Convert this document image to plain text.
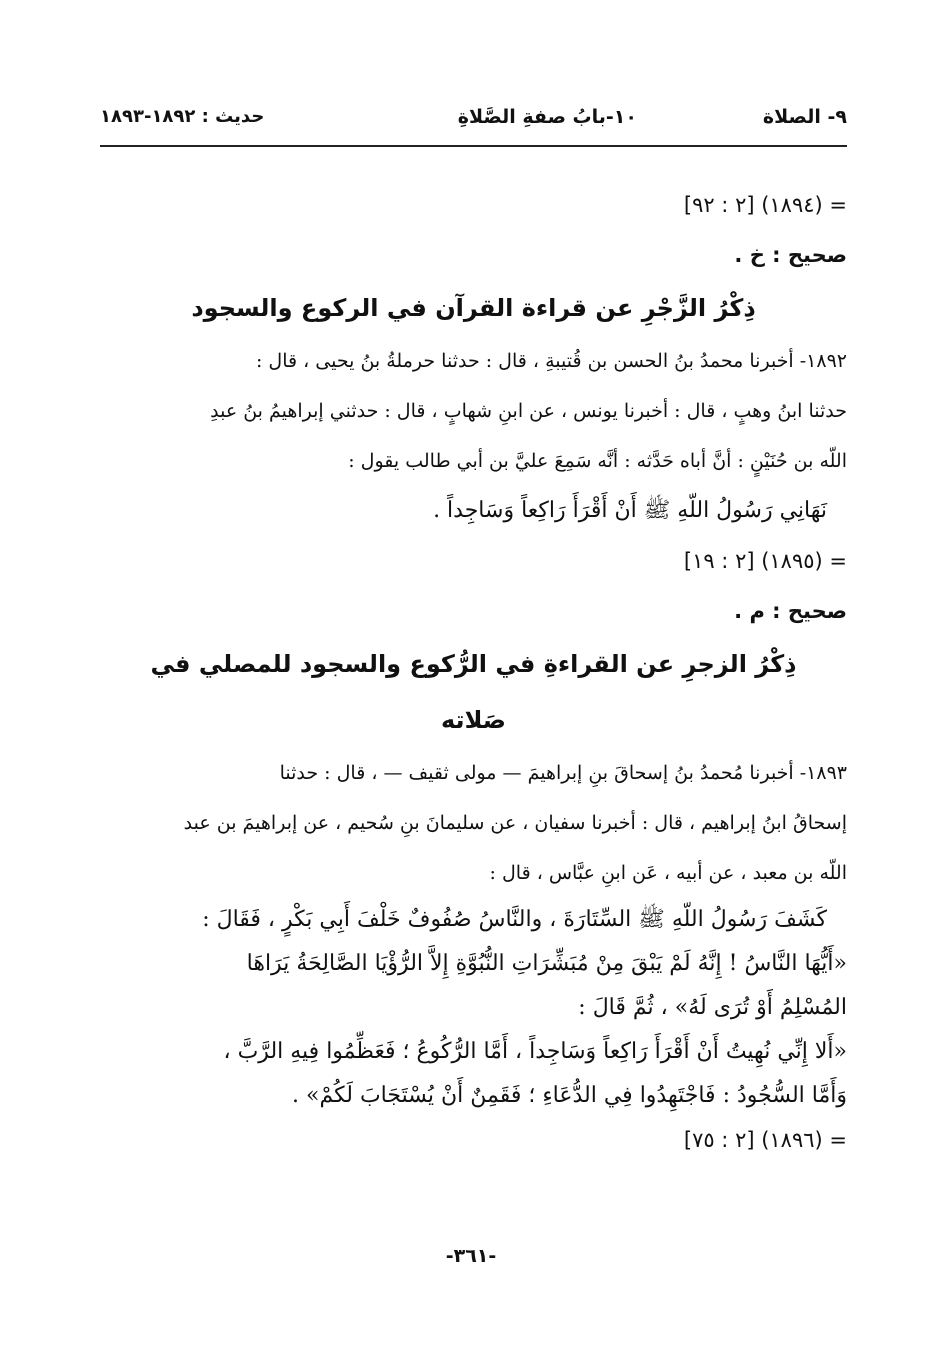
٩- الصلاة
١٠-بابُ صفةِ الصَّلاةِ
حديث : ١٨٩٢-١٨٩٣
= (١٨٩٤) [٢ : ٩٢]
صحيح : خ .
ذِكْرُ الزَّجْرِ عن قراءة القرآن في الركوع والسجود
١٨٩٢- أخبرنا محمدُ بنُ الحسن بن قُتيبةِ ، قال : حدثنا حرملةُ بنُ يحيى ، قال :
حدثنا ابنُ وهبٍ ، قال : أخبرنا يونس ، عن ابنِ شهابٍ ، قال : حدثني إبراهيمُ بنُ عبدِ
اللّه بن حُنَيْنٍ : أنَّ أباه حَدَّثه : أنَّه سَمِعَ عليَّ بن أبي طالب يقول :
نَهَانِي رَسُولُ اللّهِ ﷺ أَنْ أَقْرَأَ رَاكِعاً وَسَاجِداً .
= (١٨٩٥) [٢ : ١٩]
صحيح : م .
ذِكْرُ الزجرِ عن القراءةِ في الرُّكوع والسجود للمصلي في
صَلاته
١٨٩٣- أخبرنا مُحمدُ بنُ إسحاقَ بنِ إبراهيمَ — مولى ثقيف — ، قال : حدثنا
إسحاقُ ابنُ إبراهيم ، قال : أخبرنا سفيان ، عن سليمانَ بنِ سُحيم ، عن إبراهيمَ بن عبد
اللّه بن معبد ، عن أبيه ، عَن ابنِ عبَّاس ، قال :
كَشَفَ رَسُولُ اللّهِ ﷺ السِّتَارَةَ ، والنَّاسُ صُفُوفٌ خَلْفَ أَبِي بَكْرٍ ، فَقَالَ :
«أَيُّهَا النَّاسُ ! إِنَّهُ لَمْ يَبْقَ مِنْ مُبَشِّرَاتِ النُّبُوَّةِ إِلاَّ الرُّؤْيَا الصَّالِحَةُ يَرَاهَا
المُسْلِمُ أَوْ تُرَى لَهُ» ، ثُمَّ قَالَ :
«أَلا إِنِّي نُهِيتُ أَنْ أَقْرَأَ رَاكِعاً وَسَاجِداً ، أَمَّا الرُّكُوعُ ؛ فَعَظِّمُوا فِيهِ الرَّبَّ ،
وَأَمَّا السُّجُودُ : فَاجْتَهِدُوا فِي الدُّعَاءِ ؛ فَقَمِنٌ أَنْ يُسْتَجَابَ لَكُمْ» .
= (١٨٩٦) [٢ : ٧٥]
-٣٦١-
